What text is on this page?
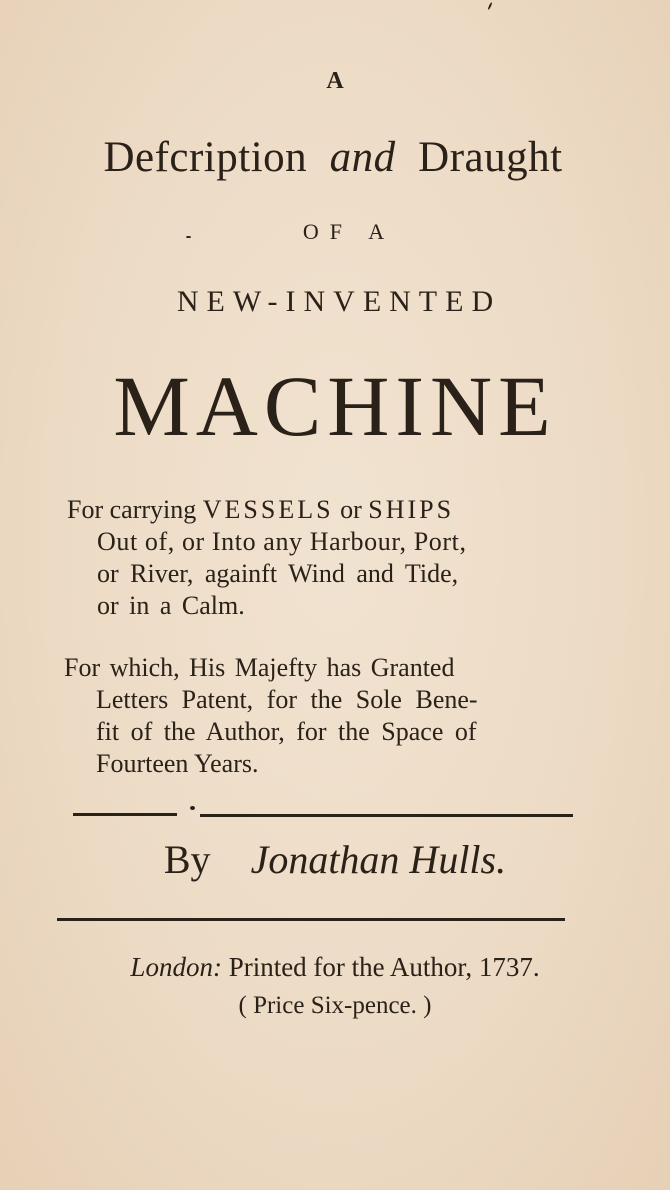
A
Defcription and Draught
OF A
NEW-INVENTED
MACHINE
For carrying VESSELS or SHIPS
Out of, or Into any Harbour, Port,
or River, againft Wind and Tide,
or in a Calm.
For which, His Majefty has Granted
Letters Patent, for the Sole Bene-
fit of the Author, for the Space of
Fourteen Years.
By Jonathan Hulls.
London: Printed for the Author, 1737.
( Price Six-pence. )
